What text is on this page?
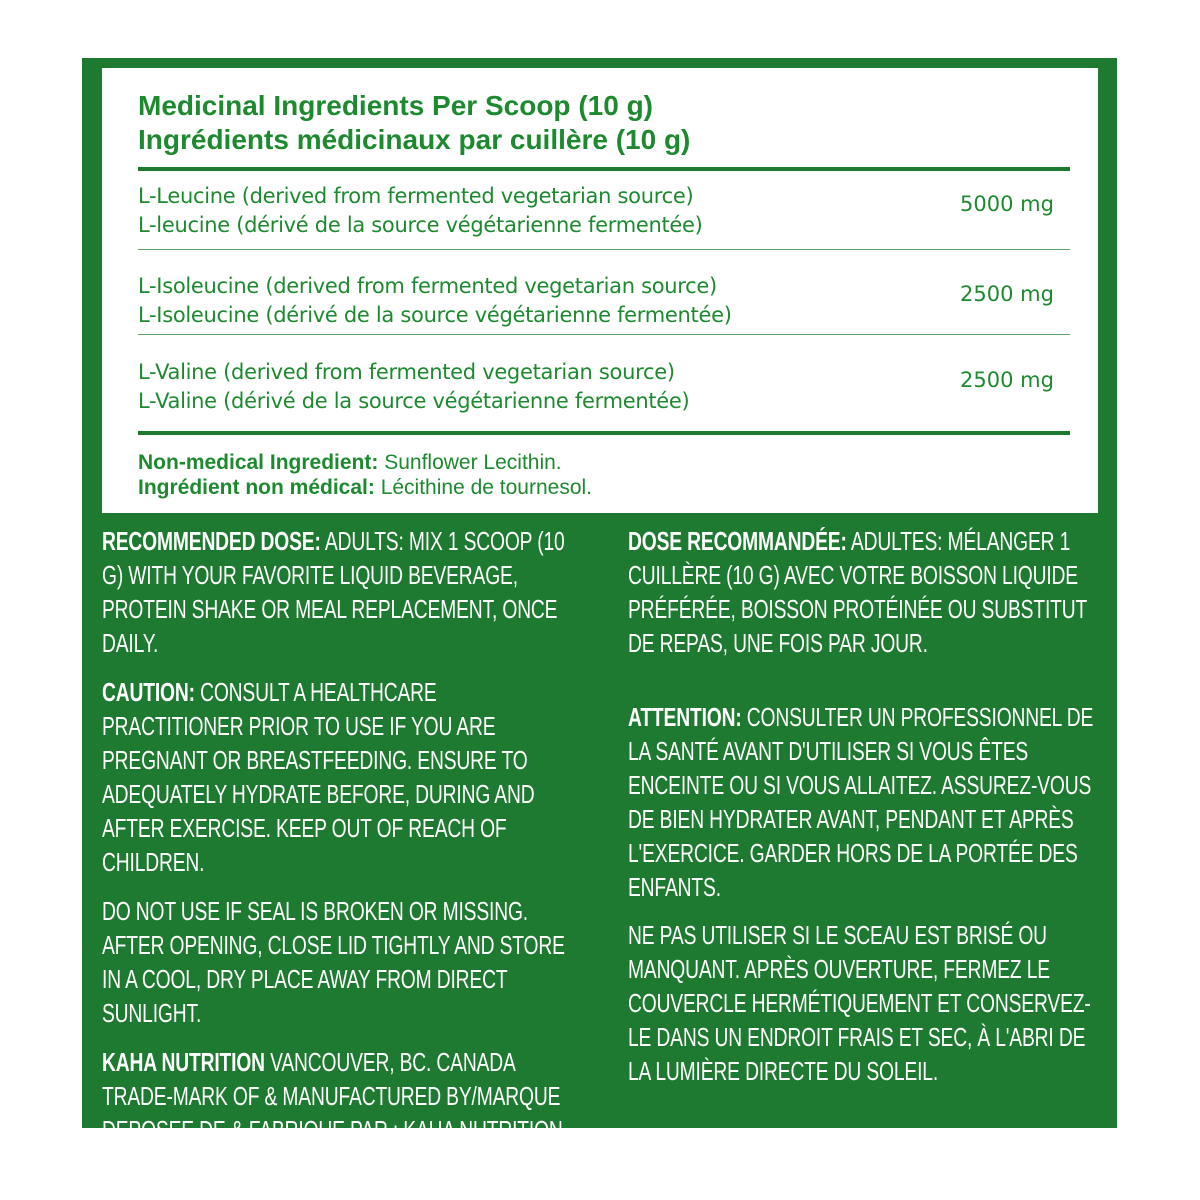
Medicinal Ingredients Per Scoop (10 g)
Ingrédients médicinaux par cuillère (10 g)
L-Leucine (derived from fermented vegetarian source)
L-leucine (dérivé de la source végétarienne fermentée)
5000 mg
L-Isoleucine (derived from fermented vegetarian source)
L-Isoleucine (dérivé de la source végétarienne fermentée)
2500 mg
L-Valine (derived from fermented vegetarian source)
L-Valine (dérivé de la source végétarienne fermentée)
2500 mg
Non-medical Ingredient: Sunflower Lecithin.
Ingrédient non médical: Lécithine de tournesol.

RECOMMENDED DOSE: ADULTS: MIX 1 SCOOP (10 G) WITH YOUR FAVORITE LIQUID BEVERAGE, PROTEIN SHAKE OR MEAL REPLACEMENT, ONCE DAILY.

CAUTION: CONSULT A HEALTHCARE PRACTITIONER PRIOR TO USE IF YOU ARE PREGNANT OR BREASTFEEDING. ENSURE TO ADEQUATELY HYDRATE BEFORE, DURING AND AFTER EXERCISE. KEEP OUT OF REACH OF CHILDREN.

DO NOT USE IF SEAL IS BROKEN OR MISSING. AFTER OPENING, CLOSE LID TIGHTLY AND STORE IN A COOL, DRY PLACE AWAY FROM DIRECT SUNLIGHT.

KAHA NUTRITION VANCOUVER, BC. CANADA TRADE-MARK OF & MANUFACTURED BY/MARQUE DEPOSEE DE & FABRIQUE PAR : KAHA NUTRITION VANCOUVER, BC

DOSE RECOMMANDÉE: ADULTES: MÉLANGER 1 CUILLÈRE (10 G) AVEC VOTRE BOISSON LIQUIDE PRÉFÉRÉE, BOISSON PROTÉINÉE OU SUBSTITUT DE REPAS, UNE FOIS PAR JOUR.

ATTENTION: CONSULTER UN PROFESSIONNEL DE LA SANTÉ AVANT D'UTILISER SI VOUS ÊTES ENCEINTE OU SI VOUS ALLAITEZ. ASSUREZ-VOUS DE BIEN HYDRATER AVANT, PENDANT ET APRÈS L'EXERCICE. GARDER HORS DE LA PORTÉE DES ENFANTS.

NE PAS UTILISER SI LE SCEAU EST BRISÉ OU MANQUANT. APRÈS OUVERTURE, FERMEZ LE COUVERCLE HERMÉTIQUEMENT ET CONSERVEZ-LE DANS UN ENDROIT FRAIS ET SEC, À L'ABRI DE LA LUMIÈRE DIRECTE DU SOLEIL.
